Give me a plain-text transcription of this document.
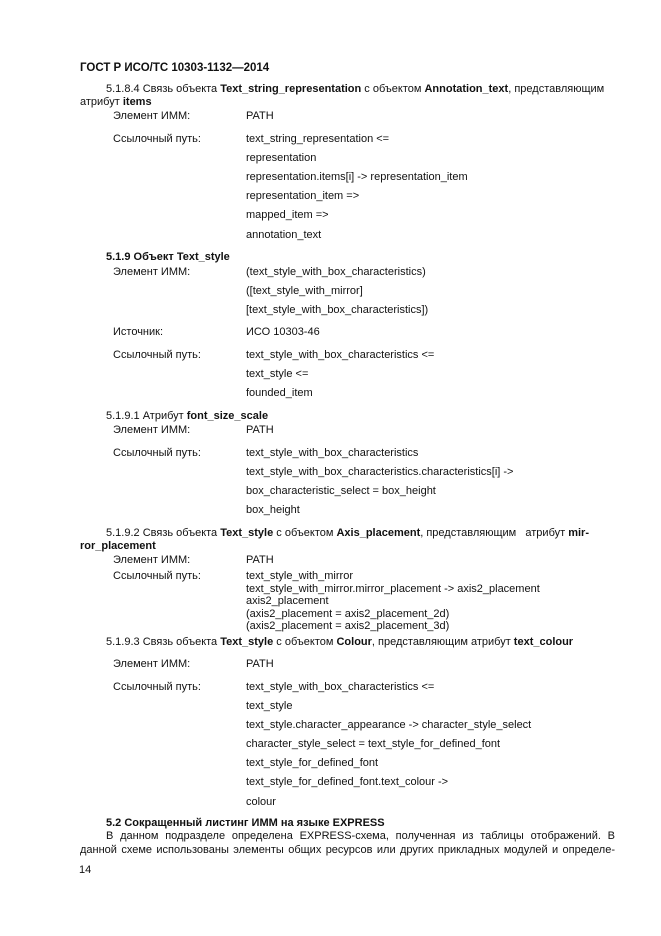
ГОСТ Р ИСО/ТС 10303-1132—2014
5.1.8.4 Связь объекта Text_string_representation с объектом Annotation_text, представляющим
атрибут items
Элемент ИММ:	PATH
Ссылочный путь:	text_string_representation <=
representation
representation.items[i] -> representation_item
representation_item =>
mapped_item =>
annotation_text
5.1.9 Объект Text_style
Элемент ИММ:	(text_style_with_box_characteristics)
([text_style_with_mirror]
[text_style_with_box_characteristics])
Источник:	ИСО 10303-46
Ссылочный путь:	text_style_with_box_characteristics <=
text_style <=
founded_item
5.1.9.1 Атрибут font_size_scale
Элемент ИММ:	PATH
Ссылочный путь:	text_style_with_box_characteristics
text_style_with_box_characteristics.characteristics[i] ->
box_characteristic_select = box_height
box_height
5.1.9.2 Связь объекта Text_style с объектом Axis_placement, представляющим   атрибут mir-
ror_placement
Элемент ИММ:	PATH
Ссылочный путь:	text_style_with_mirror
text_style_with_mirror.mirror_placement -> axis2_placement
axis2_placement
(axis2_placement = axis2_placement_2d)
(axis2_placement = axis2_placement_3d)
5.1.9.3 Связь объекта Text_style с объектом Colour, представляющим атрибут text_colour
Элемент ИММ:	PATH
Ссылочный путь:	text_style_with_box_characteristics <=
text_style
text_style.character_appearance -> character_style_select
character_style_select = text_style_for_defined_font
text_style_for_defined_font
text_style_for_defined_font.text_colour ->
colour
5.2 Сокращенный листинг ИММ на языке EXPRESS
В данном подразделе определена EXPRESS-схема, полученная из таблицы отображений. В
данной схеме использованы элементы общих ресурсов или других прикладных модулей и определе-
14
